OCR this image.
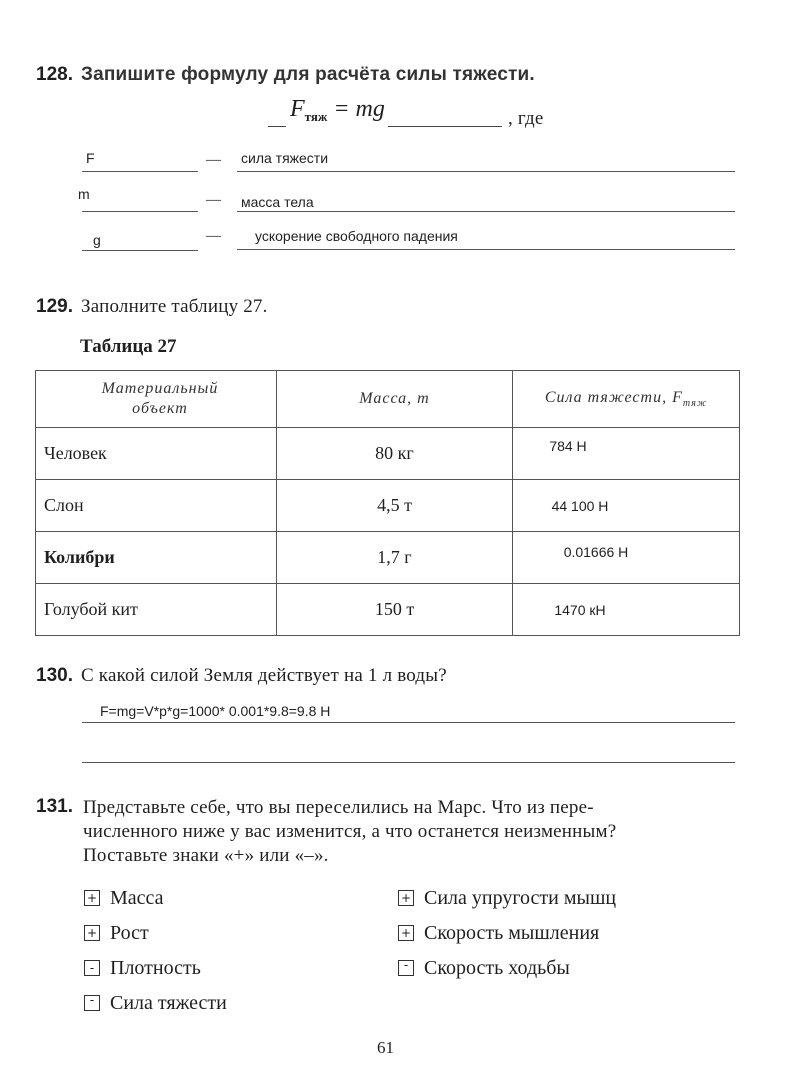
128. Запишите формулу для расчёта силы тяжести.
$F_{тяж}$ = mg	, где
F	— сила тяжести
m	— масса тела
g	— ускорение свободного падения
129. Заполните таблицу 27.
Таблица 27
Материальный объект	Масса, m	Сила тяжести, $F_{тяж}$
Человек	80 кг	$^{784 Н}$
Слон	4,5 т	44 100 Н
Колибри	1,7 г	$^{0.01666 Н}$
Голубой кит	150 т	1470 кН
130. С какой силой Земля действует на 1 л воды?
F=mg=V*p*g=1000* 0.001*9.8=9.8 H
131. Представьте себе, что вы переселились на Марс. Что из пере-
численного ниже у вас изменится, а что останется неизменным?
Поставьте знаки «+» или «–».
+ Масса
+ Рост
- Плотность
- Сила тяжести
+ Сила упругости мышц
+ Скорость мышления
- Скорость ходьбы
61
